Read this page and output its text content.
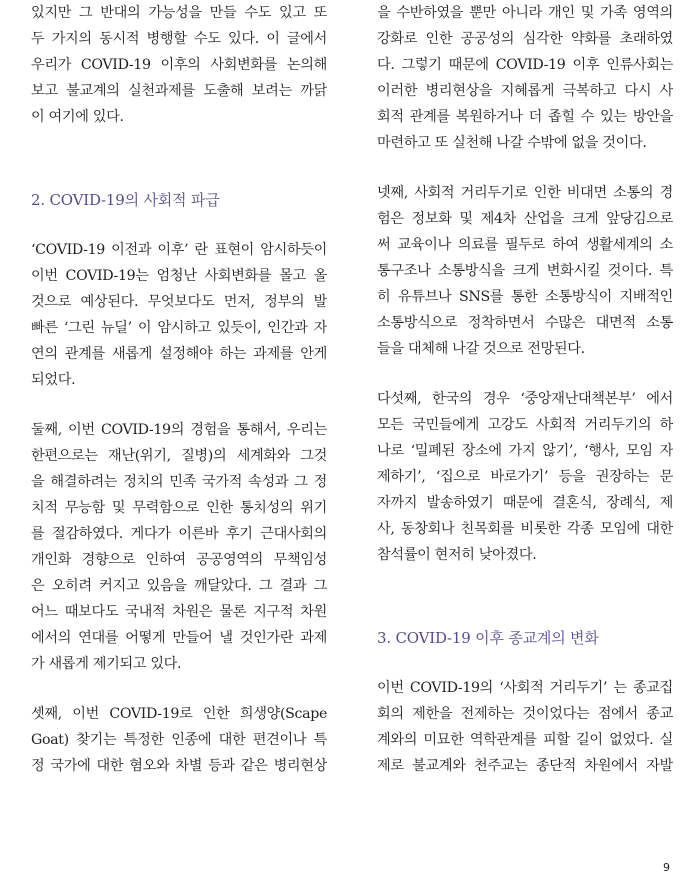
있지만 그 반대의 가능성을 만들 수도 있고 또
두 가지의 동시적 병행할 수도 있다. 이 글에서
우리가 COVID-19 이후의 사회변화를 논의해
보고 불교계의 실천과제를 도출해 보려는 까닭
이 여기에 있다.
2. COVID-19의 사회적 파급
‘COVID-19 이전과 이후’ 란 표현이 암시하듯이
이번 COVID-19는 엄청난 사회변화를 몰고 올
것으로 예상된다. 무엇보다도 먼저, 정부의 발
빠른 ‘그린 뉴딜’ 이 암시하고 있듯이, 인간과 자
연의 관계를 새롭게 설정해야 하는 과제를 안게
되었다.
둘째, 이번 COVID-19의 경험을 통해서, 우리는
한편으로는 재난(위기, 질병)의 세계화와 그것
을 해결하려는 정치의 민족 국가적 속성과 그 정
치적 무능함 및 무력함으로 인한 통치성의 위기
를 절감하였다. 게다가 이른바 후기 근대사회의
개인화 경향으로 인하여 공공영역의 무책임성
은 오히려 커지고 있음을 깨달았다. 그 결과 그
어느 때보다도 국내적 차원은 물론 지구적 차원
에서의 연대를 어떻게 만들어 낼 것인가란 과제
가 새롭게 제기되고 있다.
셋째, 이번 COVID-19로 인한 희생양(Scape
Goat) 찾기는 특정한 인종에 대한 편견이나 특
정 국가에 대한 혐오와 차별 등과 같은 병리현상
을 수반하였을 뿐만 아니라 개인 및 가족 영역의
강화로 인한 공공성의 심각한 약화를 초래하였
다. 그렇기 때문에 COVID-19 이후 인류사회는
이러한 병리현상을 지혜롭게 극복하고 다시 사
회적 관계를 복원하거나 더 좁힐 수 있는 방안을
마련하고 또 실천해 나갈 수밖에 없을 것이다.
넷째, 사회적 거리두기로 인한 비대면 소통의 경
험은 정보화 및 제4차 산업을 크게 앞당김으로
써 교육이나 의료를 필두로 하여 생활세계의 소
통구조나 소통방식을 크게 변화시킬 것이다. 특
히 유튜브나 SNS를 통한 소통방식이 지배적인
소통방식으로 정착하면서 수많은 대면적 소통
들을 대체해 나갈 것으로 전망된다.
다섯째, 한국의 경우 ‘중앙재난대책본부’ 에서
모든 국민들에게 고강도 사회적 거리두기의 하
나로 ‘밀폐된 장소에 가지 않기’, ‘행사, 모임 자
제하기’, ‘집으로 바로가기’ 등을 권장하는 문
자까지 발송하였기 때문에 결혼식, 장례식, 제
사, 동창회나 친목회를 비롯한 각종 모임에 대한
참석률이 현저히 낮아졌다.
3. COVID-19 이후 종교계의 변화
이번 COVID-19의 ‘사회적 거리두기’ 는 종교집
회의 제한을 전제하는 것이었다는 점에서 종교
계와의 미묘한 역학관계를 피할 길이 없었다. 실
제로 불교계와 천주교는 종단적 차원에서 자발
9
